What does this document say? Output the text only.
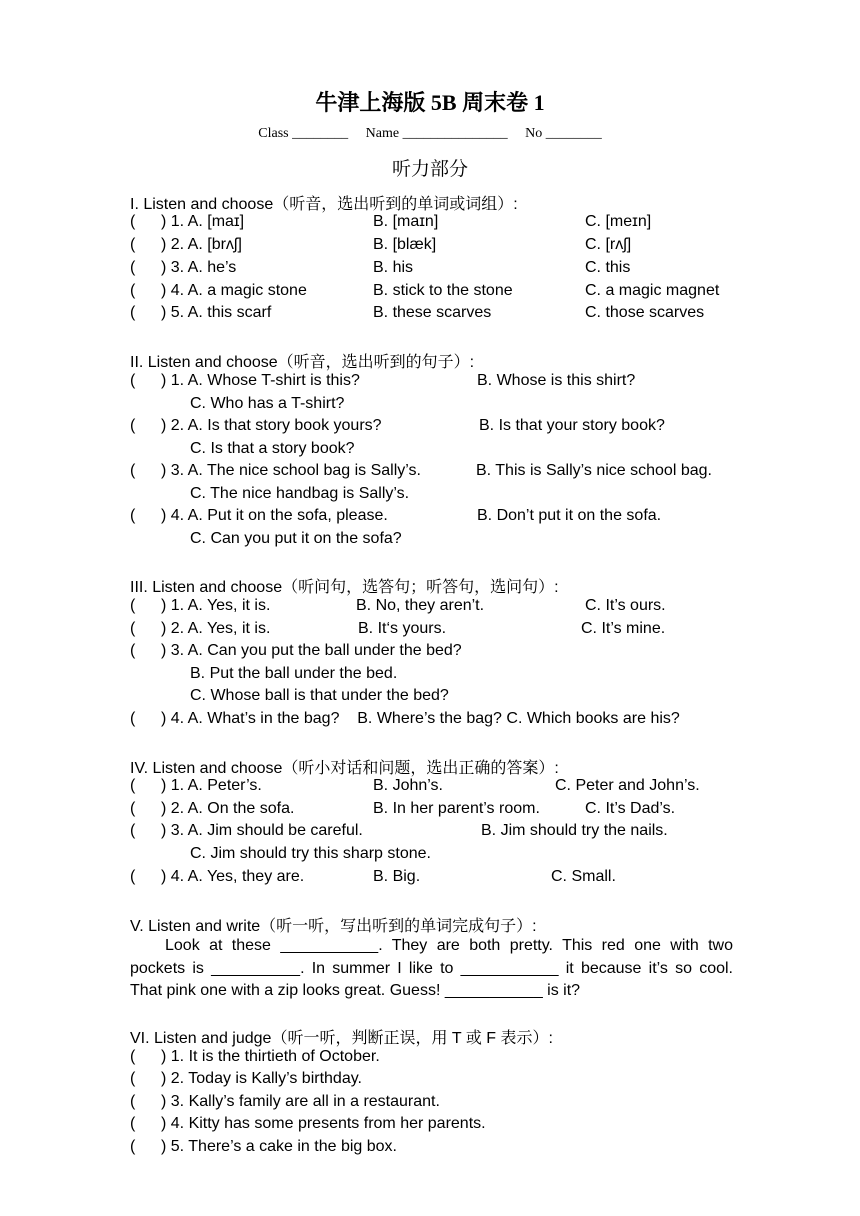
牛津上海版 5B 周末卷 1
Class ________ Name _______________ No ________
听力部分
I. Listen and choose（听音，选出听到的单词或词组）:
( ) 1. A. [maɪ]	B. [maɪn]	C. [meɪn]
( ) 2. A. [brʌʃ]	B. [blæk]	C. [rʌʃ]
( ) 3. A. he’s	B. his	C. this
( ) 4. A. a magic stone	B. stick to the stone	C. a magic magnet
( ) 5. A. this scarf	B. these scarves	C. those scarves
II. Listen and choose（听音，选出听到的句子）:
( ) 1. A. Whose T-shirt is this?	B. Whose is this shirt?
C. Who has a T-shirt?
( ) 2. A. Is that story book yours?	B. Is that your story book?
C. Is that a story book?
( ) 3. A. The nice school bag is Sally’s.	B. This is Sally’s nice school bag.
C. The nice handbag is Sally’s.
( ) 4. A. Put it on the sofa, please.	B. Don’t put it on the sofa.
C. Can you put it on the sofa?
III. Listen and choose（听问句，选答句；听答句，选问句）:
( ) 1. A. Yes, it is.	B. No, they aren’t.	C. It’s ours.
( ) 2. A. Yes, it is.	B. It‘s yours.	C. It’s mine.
( ) 3. A. Can you put the ball under the bed?
B. Put the ball under the bed.
C. Whose ball is that under the bed?
( ) 4. A. What’s in the bag?    B. Where’s the bag? C. Which books are his?
IV. Listen and choose（听小对话和问题，选出正确的答案）:
( ) 1. A. Peter’s.	B. John’s.	C. Peter and John’s.
( ) 2. A. On the sofa.	B. In her parent’s room.	C. It’s Dad’s.
( ) 3. A. Jim should be careful.	B. Jim should try the nails.
C. Jim should try this sharp stone.
( ) 4. A. Yes, they are.	B. Big.	C. Small.
V. Listen and write（听一听，写出听到的单词完成句子）:
Look at these ___________. They are both pretty. This red one with two pockets is __________. In summer I like to ___________ it because it’s so cool. That pink one with a zip looks great. Guess! ___________ is it?
VI. Listen and judge（听一听，判断正误，用 T 或 F 表示）:
( ) 1. It is the thirtieth of October.
( ) 2. Today is Kally’s birthday.
( ) 3. Kally’s family are all in a restaurant.
( ) 4. Kitty has some presents from her parents.
( ) 5. There’s a cake in the big box.
